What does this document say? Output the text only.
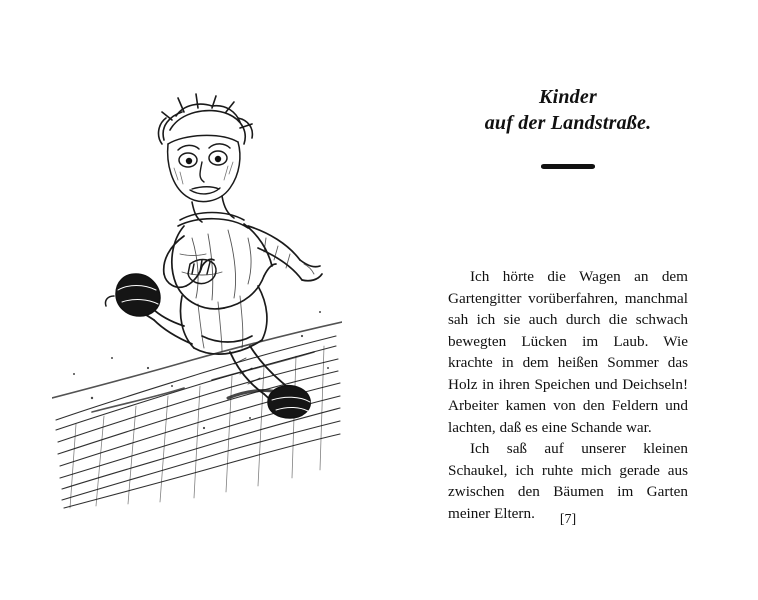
Kinder
auf der Landstraße.

Ich hörte die Wagen an dem Gartengitter vorüberfahren, manchmal sah ich sie auch durch die schwach bewegten Lücken im Laub. Wie krachte in dem heißen Sommer das Holz in ihren Speichen und Deichseln! Arbeiter kamen von den Feldern und lachten, daß es eine Schande war.

Ich saß auf unserer kleinen Schaukel, ich ruhte mich gerade aus zwischen den Bäumen im Garten meiner Eltern.	[7]
